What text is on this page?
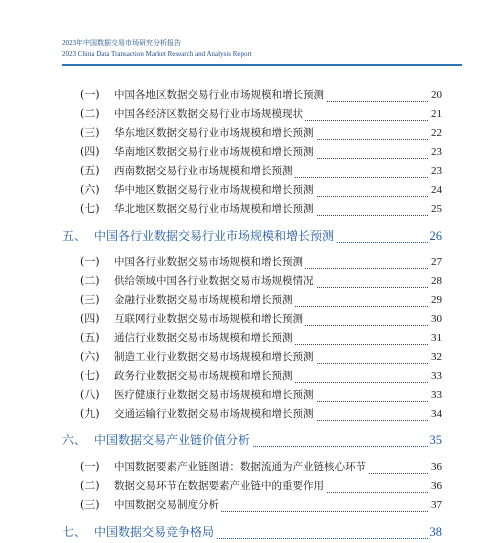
2023年中国数据交易市场研究分析报告
2023 China Data Transaction Market Research and Analysis Report
(一) 中国各地区数据交易行业市场规模和增长预测	20
(二) 中国各经济区数据交易行业市场规模现状	21
(三) 华东地区数据交易行业市场规模和增长预测	22
(四) 华南地区数据交易行业市场规模和增长预测	23
(五) 西南数据交易行业市场规模和增长预测	23
(六) 华中地区数据交易行业市场规模和增长预测	24
(七) 华北地区数据交易行业市场规模和增长预测	25
五、 中国各行业数据交易行业市场规模和增长预测	26
(一) 中国各行业数据交易市场规模和增长预测	27
(二) 供给领域中国各行业数据交易市场规模情况	28
(三) 金融行业数据交易市场规模和增长预测	29
(四) 互联网行业数据交易市场规模和增长预测	30
(五) 通信行业数据交易市场规模和增长预测	31
(六) 制造工业行业数据交易市场规模和增长预测	32
(七) 政务行业数据交易市场规模和增长预测	33
(八) 医疗健康行业数据交易市场规模和增长预测	33
(九) 交通运输行业数据交易市场规模和增长预测	34
六、 中国数据交易产业链价值分析	35
(一) 中国数据要素产业链图谱：数据流通为产业链核心环节	36
(二) 数据交易环节在数据要素产业链中的重要作用	36
(三) 中国数据交易制度分析	37
七、 中国数据交易竞争格局	38
